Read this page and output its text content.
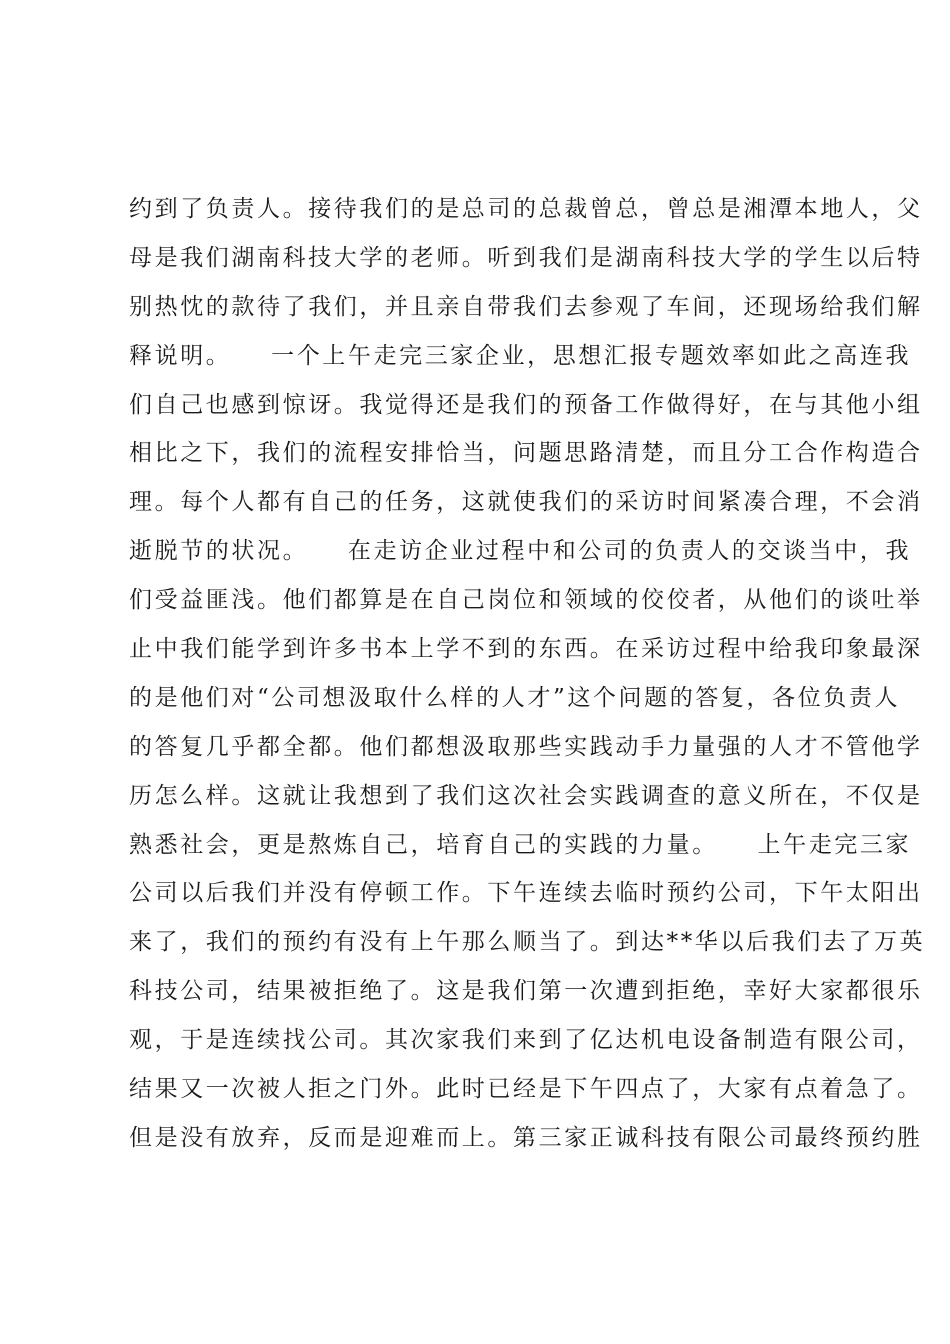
约到了负责人。接待我们的是总司的总裁曾总，曾总是湘潭本地人，父
母是我们湖南科技大学的老师。听到我们是湖南科技大学的学生以后特
别热忱的款待了我们，并且亲自带我们去参观了车间，还现场给我们解
释说明。　　一个上午走完三家企业，思想汇报专题效率如此之高连我
们自己也感到惊讶。我觉得还是我们的预备工作做得好，在与其他小组
相比之下，我们的流程安排恰当，问题思路清楚，而且分工合作构造合
理。每个人都有自己的任务，这就使我们的采访时间紧凑合理，不会消
逝脱节的状况。　　在走访企业过程中和公司的负责人的交谈当中，我
们受益匪浅。他们都算是在自己岗位和领域的佼佼者，从他们的谈吐举
止中我们能学到许多书本上学不到的东西。在采访过程中给我印象最深
的是他们对“公司想汲取什么样的人才”这个问题的答复，各位负责人
的答复几乎都全都。他们都想汲取那些实践动手力量强的人才不管他学
历怎么样。这就让我想到了我们这次社会实践调查的意义所在，不仅是
熟悉社会，更是熬炼自己，培育自己的实践的力量。　　上午走完三家
公司以后我们并没有停顿工作。下午连续去临时预约公司，下午太阳出
来了，我们的预约有没有上午那么顺当了。到达**华以后我们去了万英
科技公司，结果被拒绝了。这是我们第一次遭到拒绝，幸好大家都很乐
观，于是连续找公司。其次家我们来到了亿达机电设备制造有限公司，
结果又一次被人拒之门外。此时已经是下午四点了，大家有点着急了。
但是没有放弃，反而是迎难而上。第三家正诚科技有限公司最终预约胜
